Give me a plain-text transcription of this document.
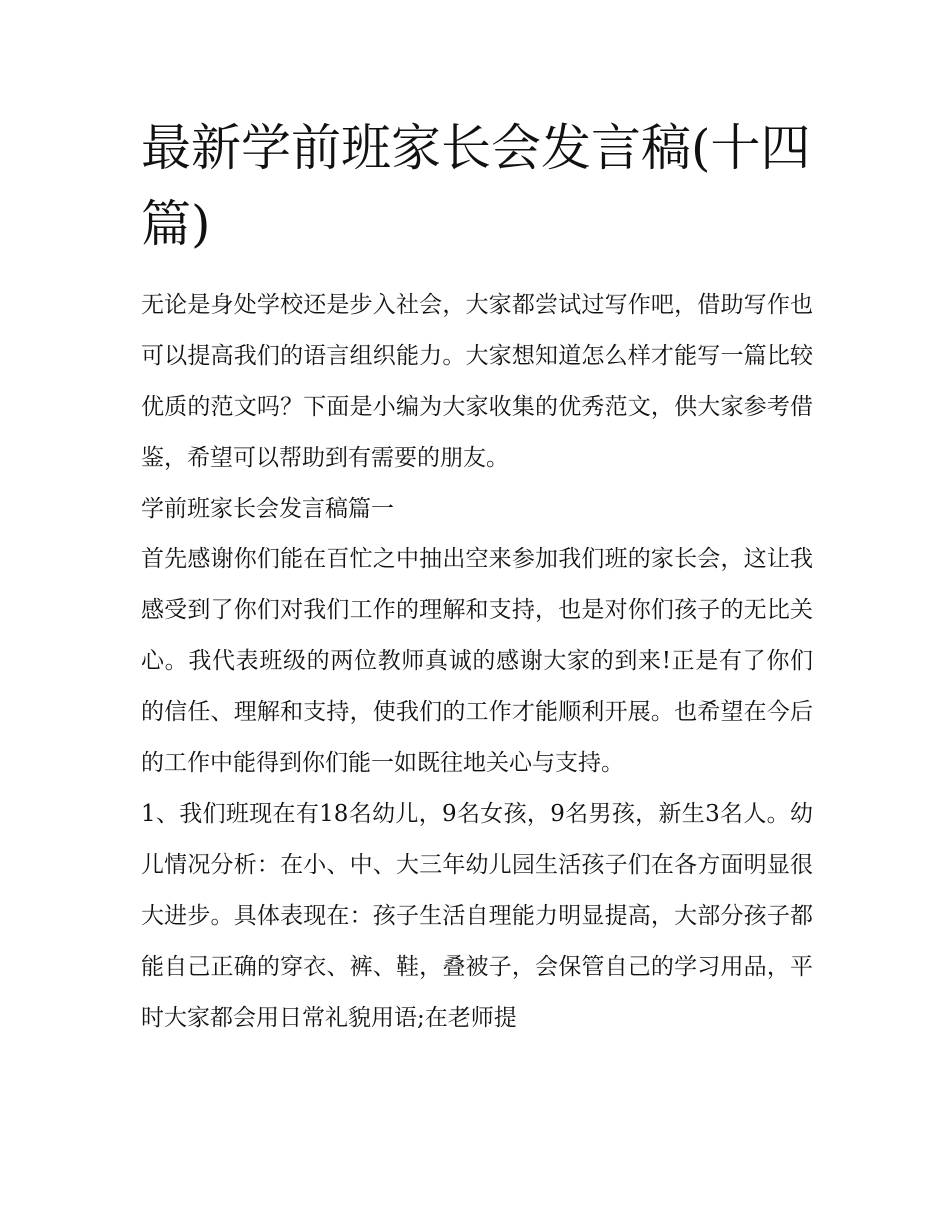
最新学前班家长会发言稿(十四篇)

无论是身处学校还是步入社会，大家都尝试过写作吧，借助写作也可以提高我们的语言组织能力。大家想知道怎么样才能写一篇比较优质的范文吗？下面是小编为大家收集的优秀范文，供大家参考借鉴，希望可以帮助到有需要的朋友。

学前班家长会发言稿篇一

首先感谢你们能在百忙之中抽出空来参加我们班的家长会，这让我感受到了你们对我们工作的理解和支持，也是对你们孩子的无比关心。我代表班级的两位教师真诚的感谢大家的到来!正是有了你们的信任、理解和支持，使我们的工作才能顺利开展。也希望在今后的工作中能得到你们能一如既往地关心与支持。

1、我们班现在有18名幼儿，9名女孩，9名男孩，新生3名人。幼儿情况分析：在小、中、大三年幼儿园生活孩子们在各方面明显很大进步。具体表现在：孩子生活自理能力明显提高，大部分孩子都能自己正确的穿衣、裤、鞋，叠被子，会保管自己的学习用品，平时大家都会用日常礼貌用语;在老师提
